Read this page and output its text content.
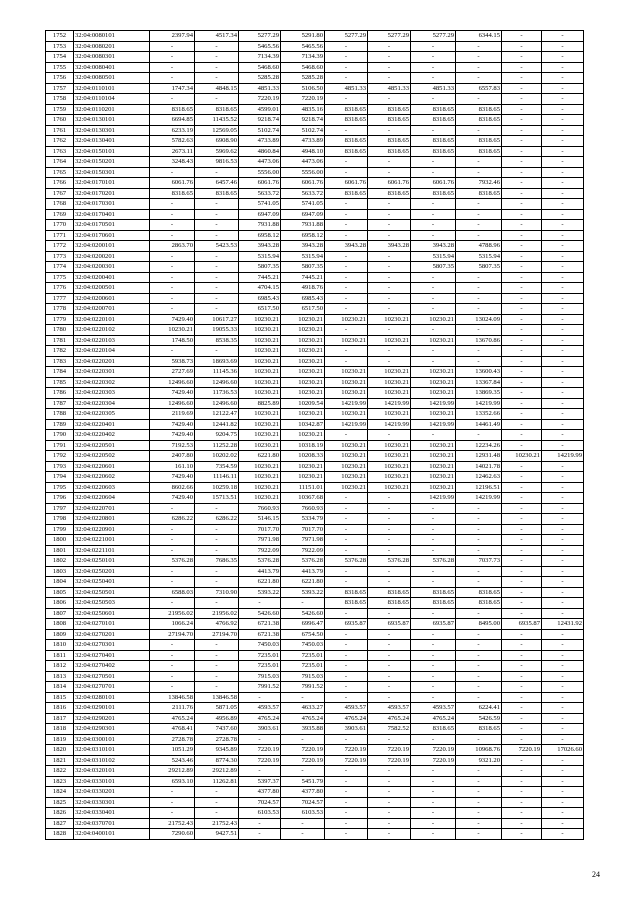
1752	32:04:0080101	2397.94	4517.34	5277.29	5291.80	5277.29	5277.29	5277.29	6344.15	-	-
1753	32:04:0080201	-	-	5465.56	5465.56	-	-	-	-	-	-
1754	32:04:0080301	-	-	7134.39	7134.39	-	-	-	-	-	-
1755	32:04:0080401	-	-	5468.60	5468.60	-	-	-	-	-	-
1756	32:04:0080501	-	-	5285.28	5285.28	-	-	-	-	-	-
1757	32:04:0110101	1747.34	4848.15	4851.33	5106.50	4851.33	4851.33	4851.33	6557.83	-	-
1758	32:04:0110104	-	-	7220.19	7220.19	-	-	-	-	-	-
1759	32:04:0110201	8318.65	8318.65	4599.01	4835.16	8318.65	8318.65	8318.65	8318.65	-	-
1760	32:04:0130101	6694.85	11435.52	9218.74	9218.74	8318.65	8318.65	8318.65	8318.65	-	-
1761	32:04:0130301	6233.19	12569.05	5102.74	5102.74	-	-	-	-	-	-
1762	32:04:0130401	5782.63	6908.90	4733.89	4733.89	8318.65	8318.65	8318.65	8318.65	-	-
1763	32:04:0150101	2673.11	5969.62	4860.84	4948.10	8318.65	8318.65	8318.65	8318.65	-	-
1764	32:04:0150201	3248.43	9816.53	4473.06	4473.06	-	-	-	-	-	-
1765	32:04:0150301	-	-	5556.00	5556.00	-	-	-	-	-	-
1766	32:04:0170101	6061.76	6457.46	6061.76	6061.76	6061.76	6061.76	6061.76	7932.46	-	-
1767	32:04:0170201	8318.65	8318.65	5633.72	5633.72	8318.65	8318.65	8318.65	8318.65	-	-
1768	32:04:0170301	-	-	5741.05	5741.05	-	-	-	-	-	-
1769	32:04:0170401	-	-	6947.09	6947.09	-	-	-	-	-	-
1770	32:04:0170501	-	-	7931.88	7931.88	-	-	-	-	-	-
1771	32:04:0170601	-	-	6958.12	6958.12	-	-	-	-	-	-
1772	32:04:0200101	2863.70	5423.53	3943.28	3943.28	3943.28	3943.28	3943.28	4788.96	-	-
1773	32:04:0200201	-	-	5315.94	5315.94	-	-	5315.94	5315.94	-	-
1774	32:04:0200301	-	-	5807.35	5807.35	-	-	5807.35	5807.35	-	-
1775	32:04:0200401	-	-	7445.21	7445.21	-	-	-	-	-	-
1776	32:04:0200501	-	-	4704.15	4918.76	-	-	-	-	-	-
1777	32:04:0200601	-	-	6985.43	6985.43	-	-	-	-	-	-
1778	32:04:0200701	-	-	6517.50	6517.50	-	-	-	-	-	-
1779	32:04:0220101	7429.40	10617.27	10230.21	10230.21	10230.21	10230.21	10230.21	13024.09	-	-
1780	32:04:0220102	10230.21	19055.33	10230.21	10230.21	-	-	-	-	-	-
1781	32:04:0220103	1748.50	8538.35	10230.21	10230.21	10230.21	10230.21	10230.21	13670.86	-	-
1782	32:04:0220104	-	-	10230.21	10230.21	-	-	-	-	-	-
1783	32:04:0220201	5938.73	18693.69	10230.21	10230.21	-	-	-	-	-	-
1784	32:04:0220301	2727.69	11145.36	10230.21	10230.21	10230.21	10230.21	10230.21	13600.43	-	-
1785	32:04:0220302	12496.60	12496.60	10230.21	10230.21	10230.21	10230.21	10230.21	13367.84	-	-
1786	32:04:0220303	7429.40	11736.53	10230.21	10230.21	10230.21	10230.21	10230.21	13869.35	-	-
1787	32:04:0220304	12496.60	12496.60	8825.89	10209.54	14219.99	14219.99	14219.99	14219.99	-	-
1788	32:04:0220305	2119.69	12122.47	10230.21	10230.21	10230.21	10230.21	10230.21	13352.66	-	-
1789	32:04:0220401	7429.40	12441.82	10230.21	10342.87	14219.99	14219.99	14219.99	14461.49	-	-
1790	32:04:0220402	7429.40	9204.75	10230.21	10230.21	-	-	-	-	-	-
1791	32:04:0220501	7192.53	11252.28	10230.21	10318.19	10230.21	10230.21	10230.21	12234.26	-	-
1792	32:04:0220502	2407.80	10202.02	6221.80	10208.33	10230.21	10230.21	10230.21	12931.48	10230.21	14219.99
1793	32:04:0220601	161.10	7354.59	10230.21	10230.21	10230.21	10230.21	10230.21	14021.78	-	-
1794	32:04:0220602	7429.40	11146.11	10230.21	10230.21	10230.21	10230.21	10230.21	12462.63	-	-
1795	32:04:0220603	8602.66	10259.18	10230.21	11151.01	10230.21	10230.21	10230.21	12196.51	-	-
1796	32:04:0220604	7429.40	15713.51	10230.21	10367.68	-	-	14219.99	14219.99	-	-
1797	32:04:0220701	-	-	7660.93	7660.93	-	-	-	-	-	-
1798	32:04:0220801	6286.22	6286.22	5146.15	5334.79	-	-	-	-	-	-
1799	32:04:0220901	-	-	7017.70	7017.70	-	-	-	-	-	-
1800	32:04:0221001	-	-	7971.98	7971.98	-	-	-	-	-	-
1801	32:04:0221101	-	-	7922.09	7922.09	-	-	-	-	-	-
1802	32:04:0250101	5376.28	7686.35	5376.28	5376.28	5376.28	5376.28	5376.28	7037.73	-	-
1803	32:04:0250201	-	-	4413.79	4413.79	-	-	-	-	-	-
1804	32:04:0250401	-	-	6221.80	6221.80	-	-	-	-	-	-
1805	32:04:0250501	6588.03	7310.90	5393.22	5393.22	8318.65	8318.65	8318.65	8318.65	-	-
1806	32:04:0250503	-	-	-	-	8318.65	8318.65	8318.65	8318.65	-	-
1807	32:04:0250601	21956.02	21956.02	5426.60	5426.60	-	-	-	-	-	-
1808	32:04:0270101	1066.24	4766.92	6721.38	6996.47	6935.87	6935.87	6935.87	8495.00	6935.87	12431.92
1809	32:04:0270201	27194.70	27194.70	6721.38	6754.50	-	-	-	-	-	-
1810	32:04:0270301	-	-	7450.03	7450.03	-	-	-	-	-	-
1811	32:04:0270401	-	-	7235.01	7235.01	-	-	-	-	-	-
1812	32:04:0270402	-	-	7235.01	7235.01	-	-	-	-	-	-
1813	32:04:0270501	-	-	7915.03	7915.03	-	-	-	-	-	-
1814	32:04:0270701	-	-	7991.52	7991.52	-	-	-	-	-	-
1815	32:04:0280101	13846.58	13846.58	-	-	-	-	-	-	-	-
1816	32:04:0290101	2111.76	5871.05	4593.57	4633.27	4593.57	4593.57	4593.57	6224.41	-	-
1817	32:04:0290201	4765.24	4956.89	4765.24	4765.24	4765.24	4765.24	4765.24	5426.59	-	-
1818	32:04:0290301	4768.41	7437.60	3903.61	3935.88	3903.61	7582.52	8318.65	8318.65	-	-
1819	32:04:0300101	2728.78	2728.78	-	-	-	-	-	-	-	-
1820	32:04:0310101	1051.29	9345.89	7220.19	7220.19	7220.19	7220.19	7220.19	10968.76	7220.19	17026.60
1821	32:04:0310102	5243.46	8774.30	7220.19	7220.19	7220.19	7220.19	7220.19	9321.20	-	-
1822	32:04:0320101	29212.89	29212.89	-	-	-	-	-	-	-	-
1823	32:04:0330101	6593.10	11262.81	5397.37	5451.79	-	-	-	-	-	-
1824	32:04:0330201	-	-	4377.80	4377.80	-	-	-	-	-	-
1825	32:04:0330301	-	-	7024.57	7024.57	-	-	-	-	-	-
1826	32:04:0330401	-	-	6103.53	6103.53	-	-	-	-	-	-
1827	32:04:0370701	21752.43	21752.43	-	-	-	-	-	-	-	-
1828	32:04:0400101	7290.60	9427.51	-	-	-	-	-	-	-	-
24
